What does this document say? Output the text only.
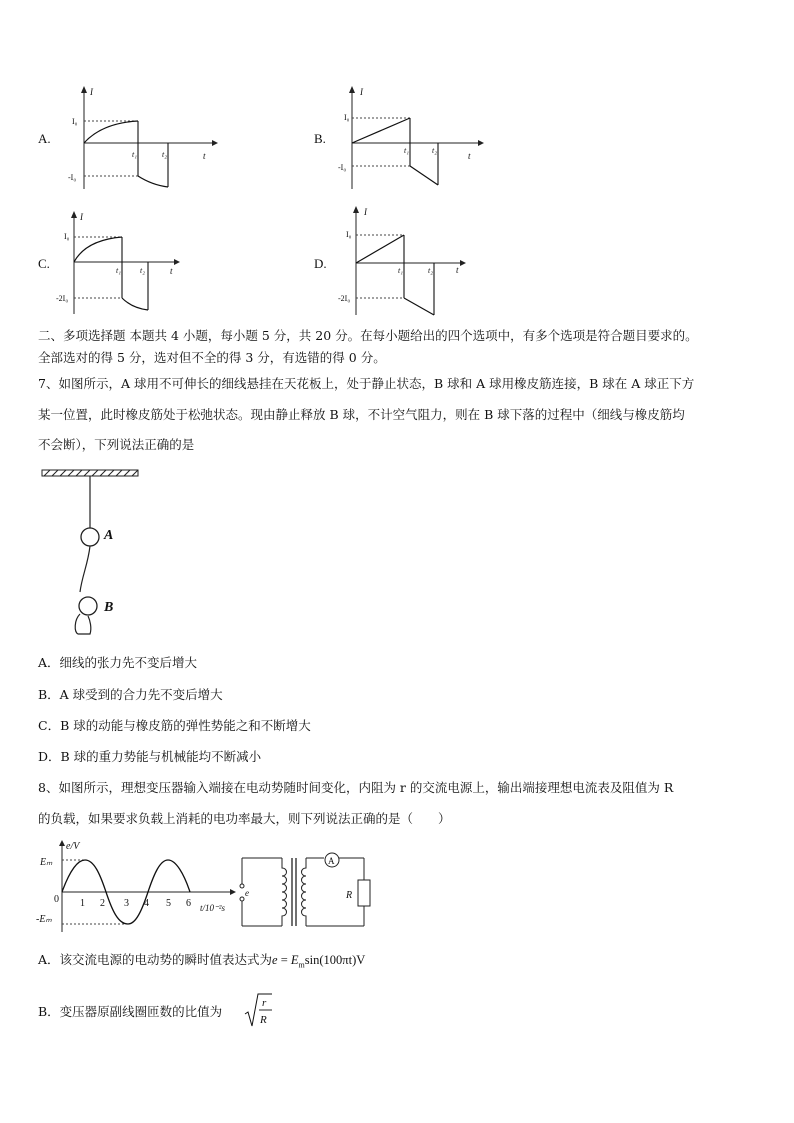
A.
I
t
I₀
-I₀
t₁	t₂
B.
I
t
I₀
-I₀
t₁	t₂
C.
I
t
I₀
-2I₀
t₁ t₂	D.
I
t
I₀
-2I₀
t₁	t₂
二、多项选择题 本题共 4 小题，每小题 5 分，共 20 分。在每小题给出的四个选项中，有多个选项是符合题目要求的。
全部选对的得 5 分，选对但不全的得 3 分，有选错的得 0 分。
7、如图所示，A 球用不可伸长的细线悬挂在天花板上，处于静止状态，B 球和 A 球用橡皮筋连接，B 球在 A 球正下方
某一位置，此时橡皮筋处于松弛状态。现由静止释放 B 球，不计空气阻力，则在 B 球下落的过程中（细线与橡皮筋均
不会断），下列说法正确的是
A
B
A．细线的张力先不变后增大
B．A 球受到的合力先不变后增大
C．B 球的动能与橡皮筋的弹性势能之和不断增大
D．B 球的重力势能与机械能均不断减小
8、如图所示，理想变压器输入端接在电动势随时间变化，内阻为 r 的交流电源上，输出端接理想电流表及阻值为 R
的负载，如果要求负载上消耗的电功率最大，则下列说法正确的是（　　）
e/V
Eₘ
-Eₘ
0 1 2 3 4 5 6 t/10⁻²s
e
A
R
A．该交流电源的电动势的瞬时值表达式为$e = E_m\sin(100\pi t)V$
B．变压器原副线圈匝数的比值为
r
R
